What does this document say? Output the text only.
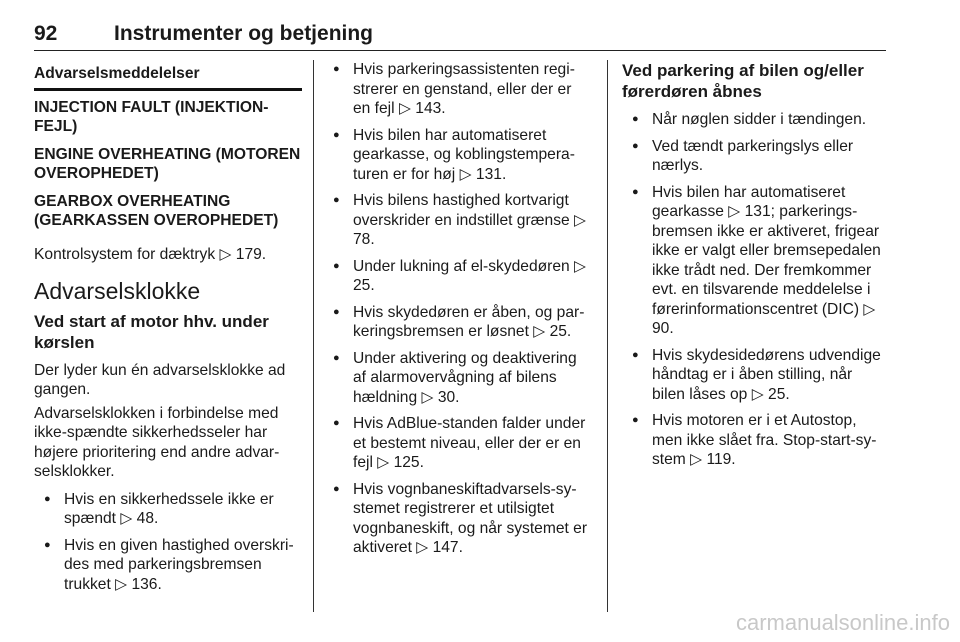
92	Instrumenter og betjening
Advarselsmeddelelser
INJECTION FAULT (INJEKTION-FEJL)
ENGINE OVERHEATING (MOTOREN OVEROPHEDET)
GEARBOX OVERHEATING (GEARKASSEN OVEROPHEDET)

Kontrolsystem for dæktryk ▷ 179.

Advarselsklokke
Ved start af motor hhv. under kørslen

Der lyder kun én advarselsklokke ad gangen.

Advarselsklokken i forbindelse med ikke-spændte sikkerhedsseler har højere prioritering end andre advarselsklokker.

● Hvis en sikkerhedssele ikke er spændt ▷ 48.
● Hvis en given hastighed overskrides med parkeringsbremsen trukket ▷ 136.
● Hvis parkeringsassistenten registrerer en genstand, eller der er en fejl ▷ 143.
● Hvis bilen har automatiseret gearkasse, og koblingstemperaturen er for høj ▷ 131.
● Hvis bilens hastighed kortvarigt overskrider en indstillet grænse ▷ 78.
● Under lukning af el-skydedøren ▷ 25.
● Hvis skydedøren er åben, og parkeringsbremsen er løsnet ▷ 25.
● Under aktivering og deaktivering af alarmovervågning af bilens hældning ▷ 30.
● Hvis AdBlue-standen falder under et bestemt niveau, eller der er en fejl ▷ 125.
● Hvis vognbaneskiftadvarsels-systemet registrerer et utilsigtet vognbaneskift, og når systemet er aktiveret ▷ 147.
Ved parkering af bilen og/eller førerdøren åbnes
● Når nøglen sidder i tændingen.
● Ved tændt parkeringslys eller nærlys.
● Hvis bilen har automatiseret gearkasse ▷ 131; parkeringsbremsen ikke er aktiveret, frigear ikke er valgt eller bremsepedalen ikke trådt ned. Der fremkommer evt. en tilsvarende meddelelse i førerinformationscentret (DIC) ▷ 90.
● Hvis skydesidedørens udvendige håndtag er i åben stilling, når bilen låses op ▷ 25.
● Hvis motoren er i et Autostop, men ikke slået fra. Stop-start-system ▷ 119.
carmanualsonline.info
